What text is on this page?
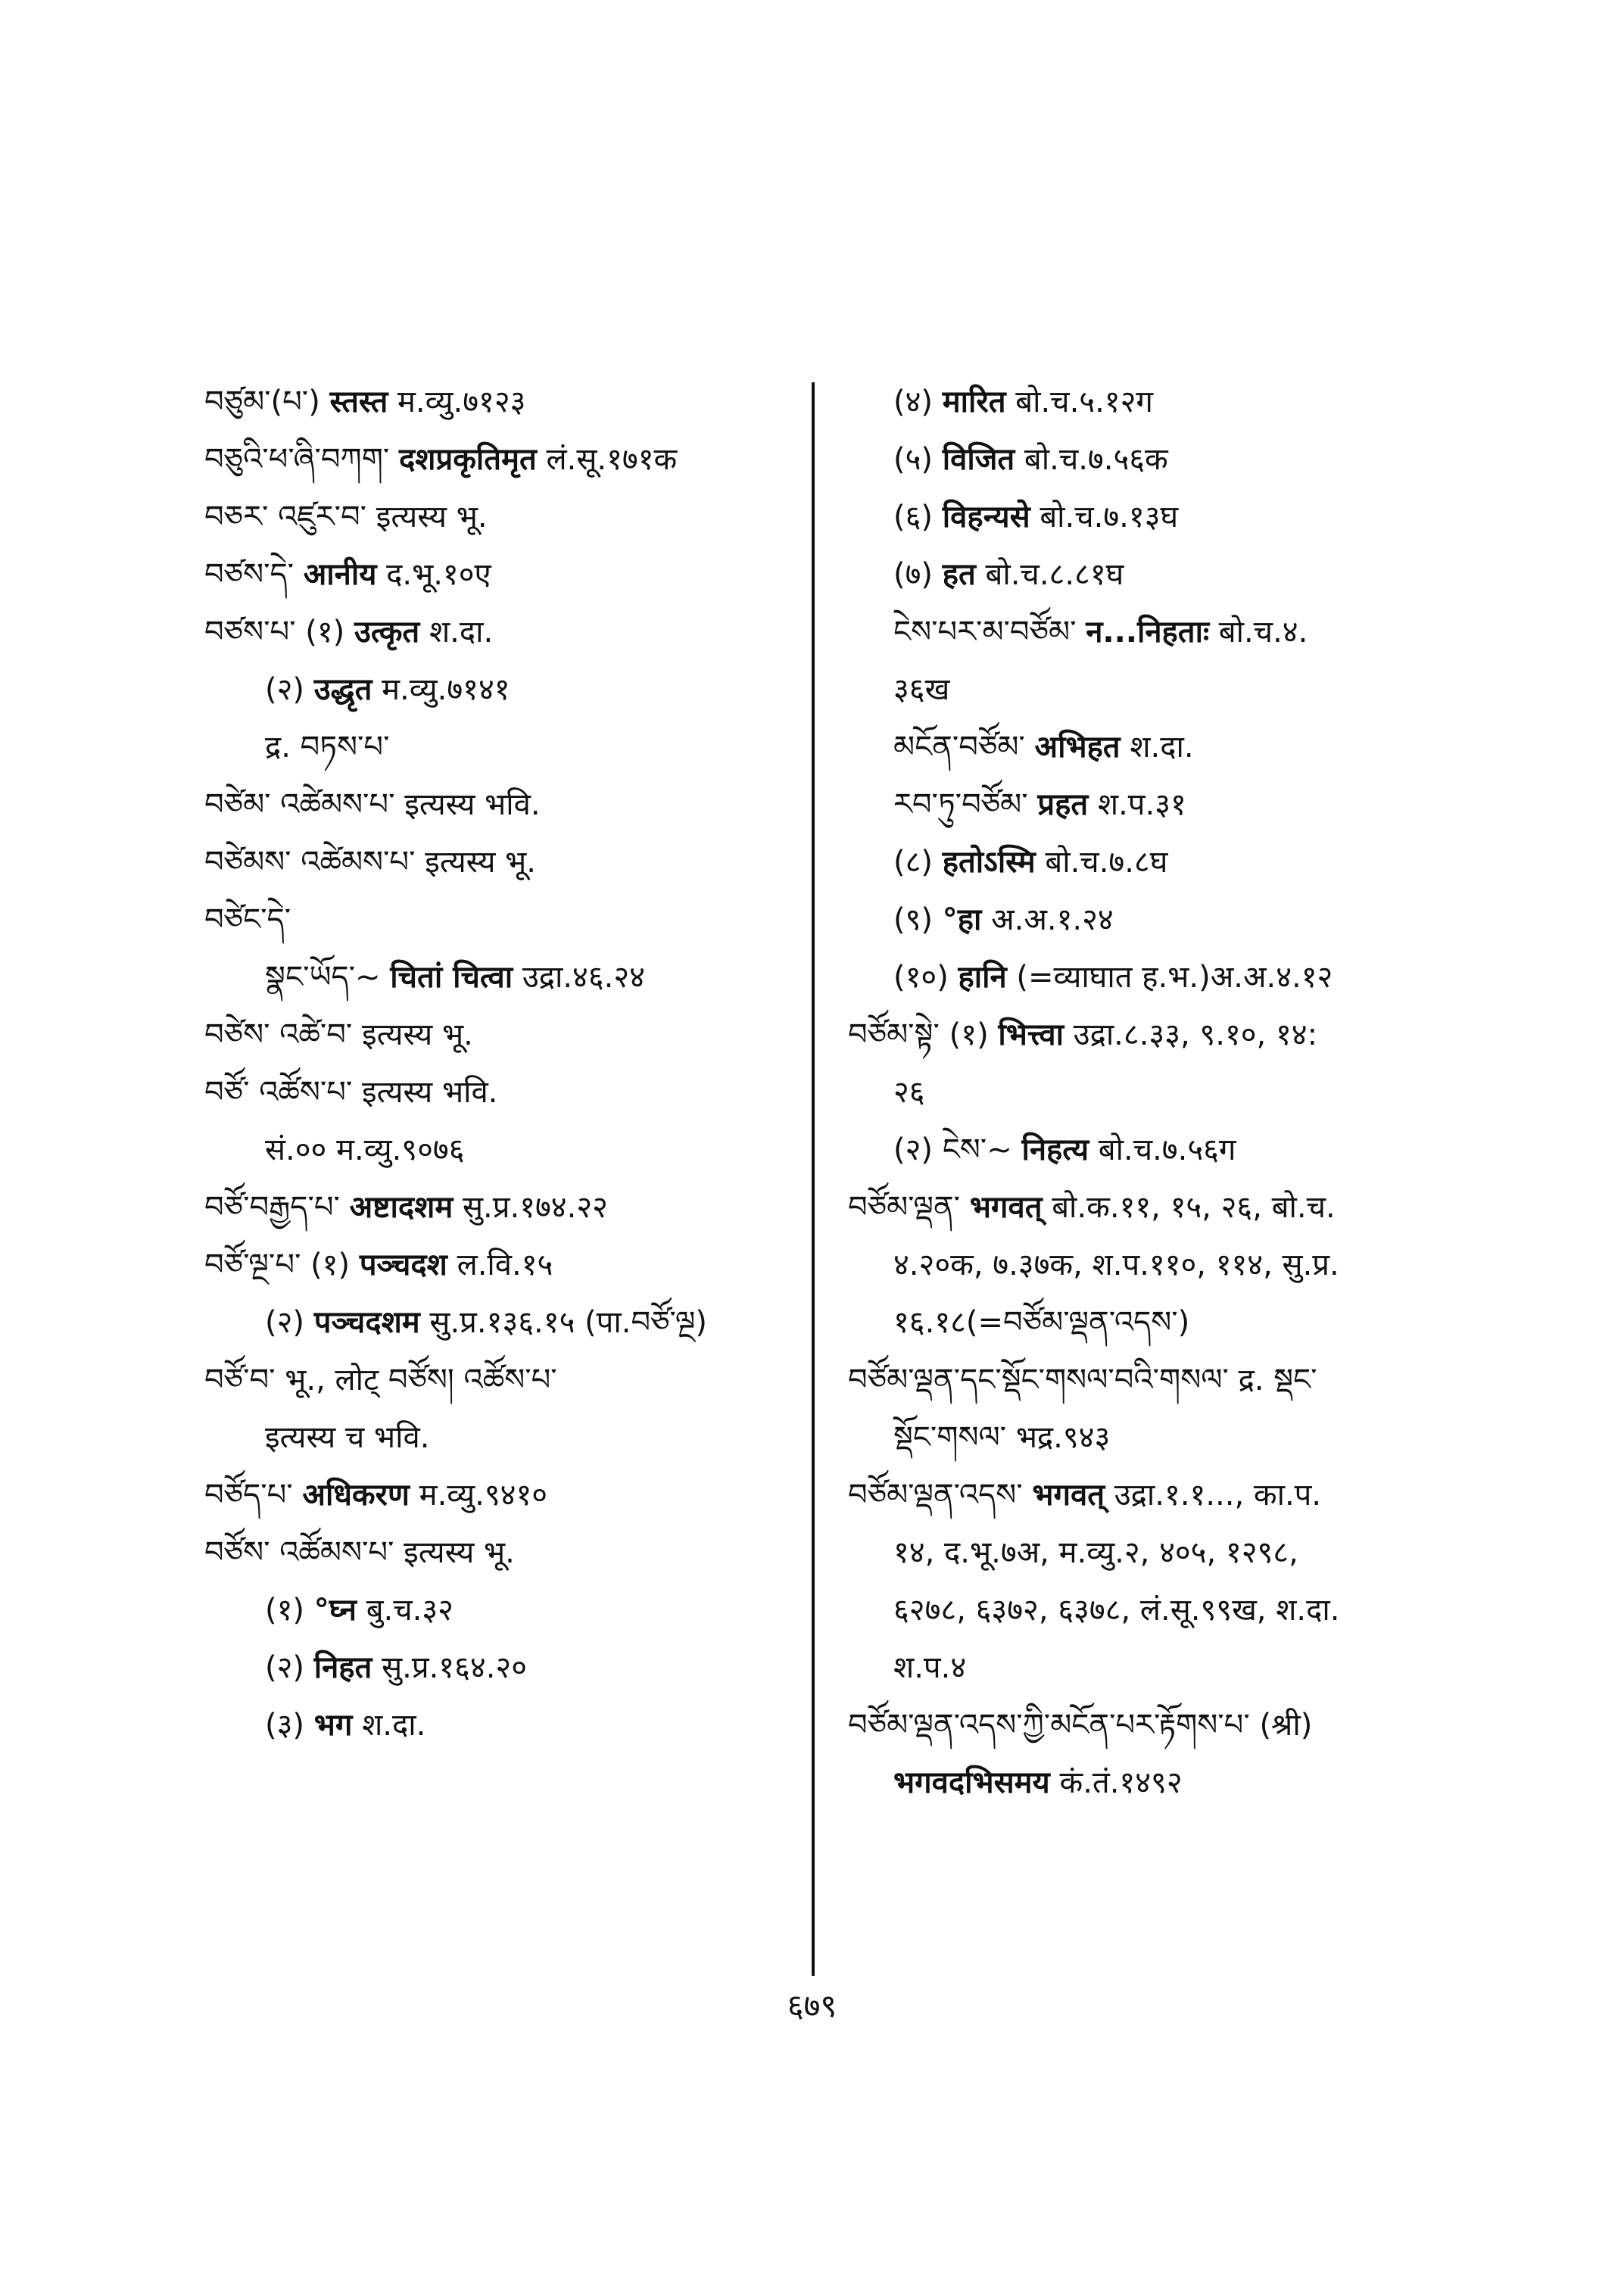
བཙུམ་(པ་) स्तस्त म.व्यु.७१२३
བཅུའི་ཕ་ཞི་བཀག་ दशप्रकृतिमृत लं.सू.१७१क
བཅར་ འཛུར་བ་ इत्यस्य भू.
བཙས་དེ་ आनीय द.भू.१०ए
བཙས་པ་ (१) उत्कृत श.दा.
(२) उद्धृत म.व्यु.७१४१
द्र. བཏས་པ་
བཙེམ་ འཚེམས་པ་ इत्यस्य भवि.
བཙེམས་ འཚེམས་པ་ इत्यस्य भू.
བཙེང་དེ་
སྣང་ཡོད་~ चितां चित्वा उद्रा.४६.२४
བཙེས་ འཚེ་བ་ इत्यस्य भू.
བཙོ་ འཚོས་པ་ इत्यस्य भवि.
सं.०० म.व्यु.९०७६
བཙོ་བརྒྱད་པ་ अष्टादशम सु.प्र.१७४.२२
བཙོ་ལྔ་པ་ (१) पञ्चदश ल.वि.१५
(२) पञ्चदशम सु.प्र.१३६.१५ (पा.བཙོ་ལྔ)
བཙོ་བ་ भू., लोट् བཙོས། འཚོས་པ་
इत्यस्य च भवि.
བཙོད་པ་ अधिकरण म.व्यु.९४१०
བཙོས་ འཚོམས་པ་ इत्यस्य भू.
(१) °घ्न बु.च.३२
(२) निहत सु.प्र.१६४.२०
(३) भग श.दा.
(४) मारित बो.च.५.१२ग
(५) विजित बो.च.७.५६क
(६) विहन्यसे बो.च.७.१३घ
(७) हत बो.च.८.८१घ
ངེས་པར་མ་བཙོམ་ न...निहताः बो.च.४.
३६ख
མངོན་བཙོམ་ अभिहत श.दा.
རབ་ཏུ་བཙོམ་ प्रहत श.प.३१
(८) हतोऽस्मि बो.च.७.८घ
(९) °हा अ.अ.१.२४
(१०) हानि (=व्याघात ह.भ.)अ.अ.४.१२
བཙོམ་སྟེ་ (१) भित्त्वा उद्रा.८.३३, ९.१०, १४:
२६
(२) ངེས་~ निहत्य बो.च.७.५६ग
བཙོམ་ལྡན་ भगवत् बो.क.११, १५, २६, बो.च.
४.२०क, ७.३७क, श.प.११०, ११४, सु.प्र.
१६.१८(=བཙོམ་ལྡན་འདས་)
བཙོམ་ལྡན་དང་སྡོང་གསལ་བའི་གསལ་ द्र. སྡང་
སྡོང་གསལ་ भद्र.९४३
བཙོམ་ལྡན་འདས་ भगवत् उद्रा.१.१..., का.प.
१४, द.भू.७अ, म.व्यु.२, ४०५, १२९८,
६२७८, ६३७२, ६३७८, लं.सू.९९ख, श.दा.
श.प.४
བཙོམ་ལྡན་འདས་ཀྱི་མངོན་པར་རྟོགས་པ་ (श्री)
भगवदभिसमय कं.तं.१४९२
६७९
